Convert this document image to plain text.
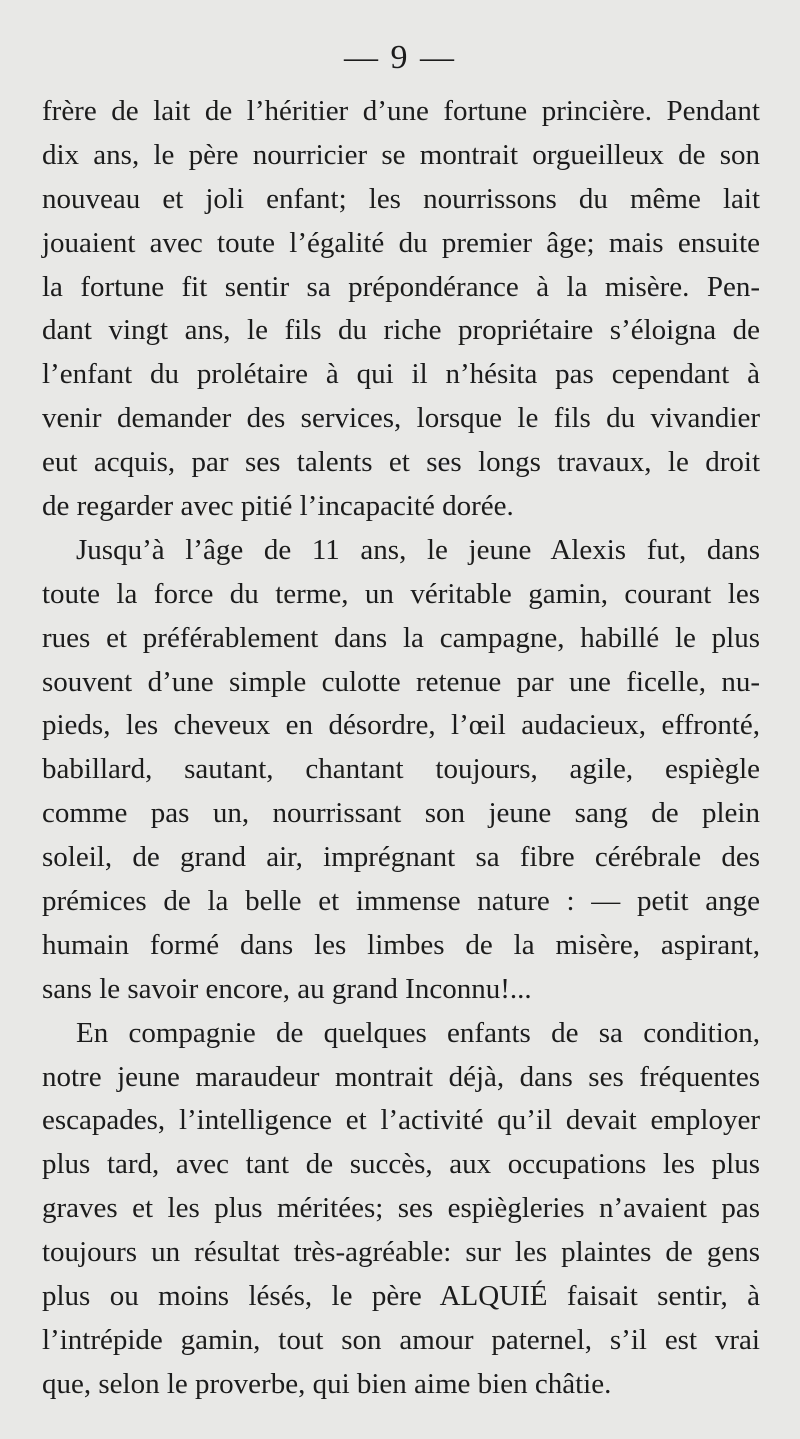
— 9 —
frère de lait de l’héritier d’une fortune princière. Pendant
dix ans, le père nourricier se montrait orgueilleux de son
nouveau et joli enfant; les nourrissons du même lait
jouaient avec toute l’égalité du premier âge; mais ensuite
la fortune fit sentir sa prépondérance à la misère. Pen-
dant vingt ans, le fils du riche propriétaire s’éloigna de
l’enfant du prolétaire à qui il n’hésita pas cependant à
venir demander des services, lorsque le fils du vivandier
eut acquis, par ses talents et ses longs travaux, le droit
de regarder avec pitié l’incapacité dorée.
Jusqu’à l’âge de 11 ans, le jeune Alexis fut, dans
toute la force du terme, un véritable gamin, courant les
rues et préférablement dans la campagne, habillé le plus
souvent d’une simple culotte retenue par une ficelle, nu-
pieds, les cheveux en désordre, l’œil audacieux, effronté,
babillard, sautant, chantant toujours, agile, espiègle
comme pas un, nourrissant son jeune sang de plein
soleil, de grand air, imprégnant sa fibre cérébrale des
prémices de la belle et immense nature : — petit ange
humain formé dans les limbes de la misère, aspirant,
sans le savoir encore, au grand Inconnu!...
En compagnie de quelques enfants de sa condition,
notre jeune maraudeur montrait déjà, dans ses fréquentes
escapades, l’intelligence et l’activité qu’il devait employer
plus tard, avec tant de succès, aux occupations les plus
graves et les plus méritées; ses espiègleries n’avaient pas
toujours un résultat très-agréable: sur les plaintes de gens
plus ou moins lésés, le père ALQUIÉ faisait sentir, à
l’intrépide gamin, tout son amour paternel, s’il est vrai
que, selon le proverbe, qui bien aime bien châtie.
